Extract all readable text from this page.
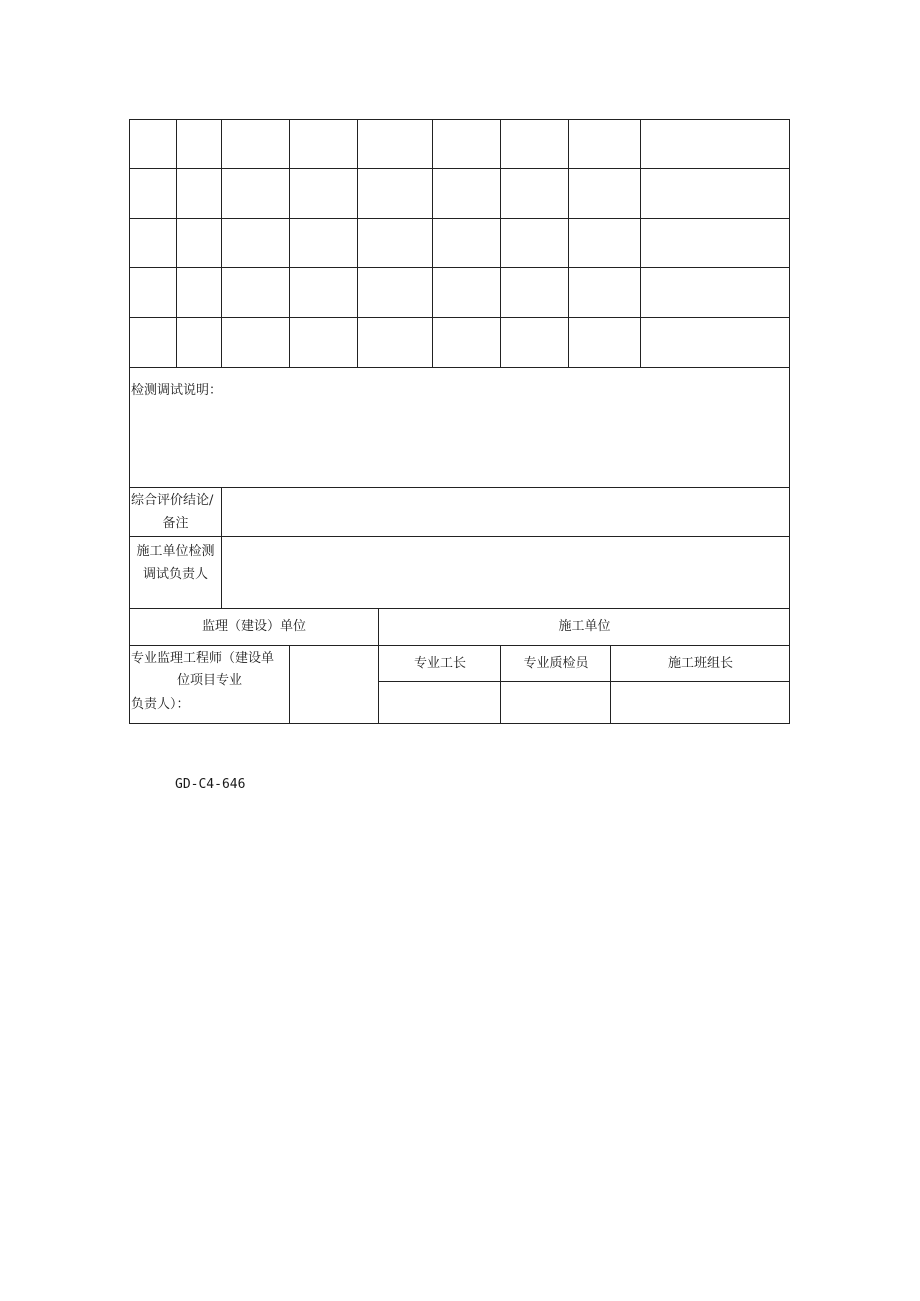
检测调试说明：
综合评价结论/
备注
施工单位检测
调试负责人
监理（建设）单位	施工单位
专业监理工程师（建设单
位项目专业
负责人）：
专业工长	专业质检员	施工班组长
GD-C4-646
